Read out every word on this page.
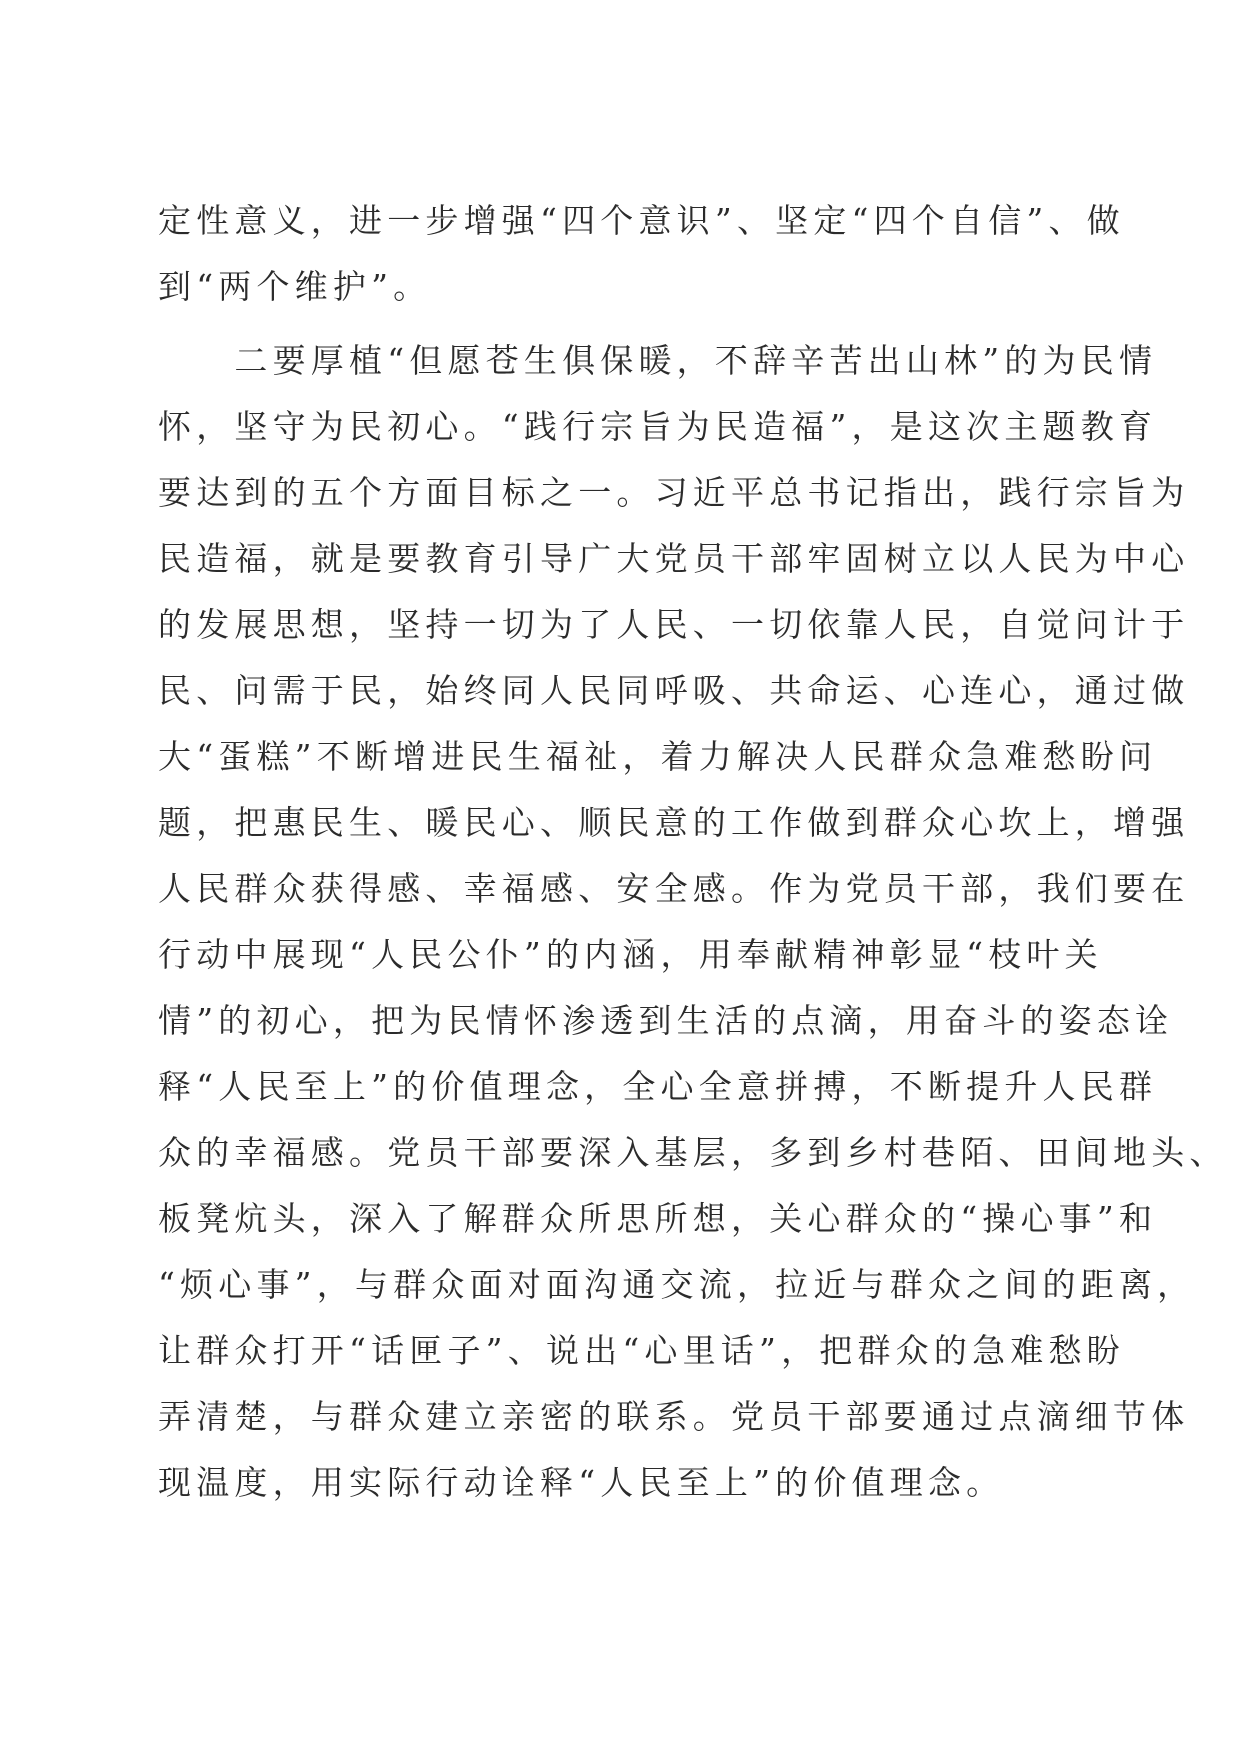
定性意义，进一步增强“四个意识”、坚定“四个自信”、做
到“两个维护”。
　　二要厚植“但愿苍生俱保暖，不辞辛苦出山林”的为民情
怀，坚守为民初心。“践行宗旨为民造福”，是这次主题教育
要达到的五个方面目标之一。习近平总书记指出，践行宗旨为
民造福，就是要教育引导广大党员干部牢固树立以人民为中心
的发展思想，坚持一切为了人民、一切依靠人民，自觉问计于
民、问需于民，始终同人民同呼吸、共命运、心连心，通过做
大“蛋糕”不断增进民生福祉，着力解决人民群众急难愁盼问
题，把惠民生、暖民心、顺民意的工作做到群众心坎上，增强
人民群众获得感、幸福感、安全感。作为党员干部，我们要在
行动中展现“人民公仆”的内涵，用奉献精神彰显“枝叶关
情”的初心，把为民情怀渗透到生活的点滴，用奋斗的姿态诠
释“人民至上”的价值理念，全心全意拼搏，不断提升人民群
众的幸福感。党员干部要深入基层，多到乡村巷陌、田间地头、
板凳炕头，深入了解群众所思所想，关心群众的“操心事”和
“烦心事”，与群众面对面沟通交流，拉近与群众之间的距离，
让群众打开“话匣子”、说出“心里话”，把群众的急难愁盼
弄清楚，与群众建立亲密的联系。党员干部要通过点滴细节体
现温度，用实际行动诠释“人民至上”的价值理念。
